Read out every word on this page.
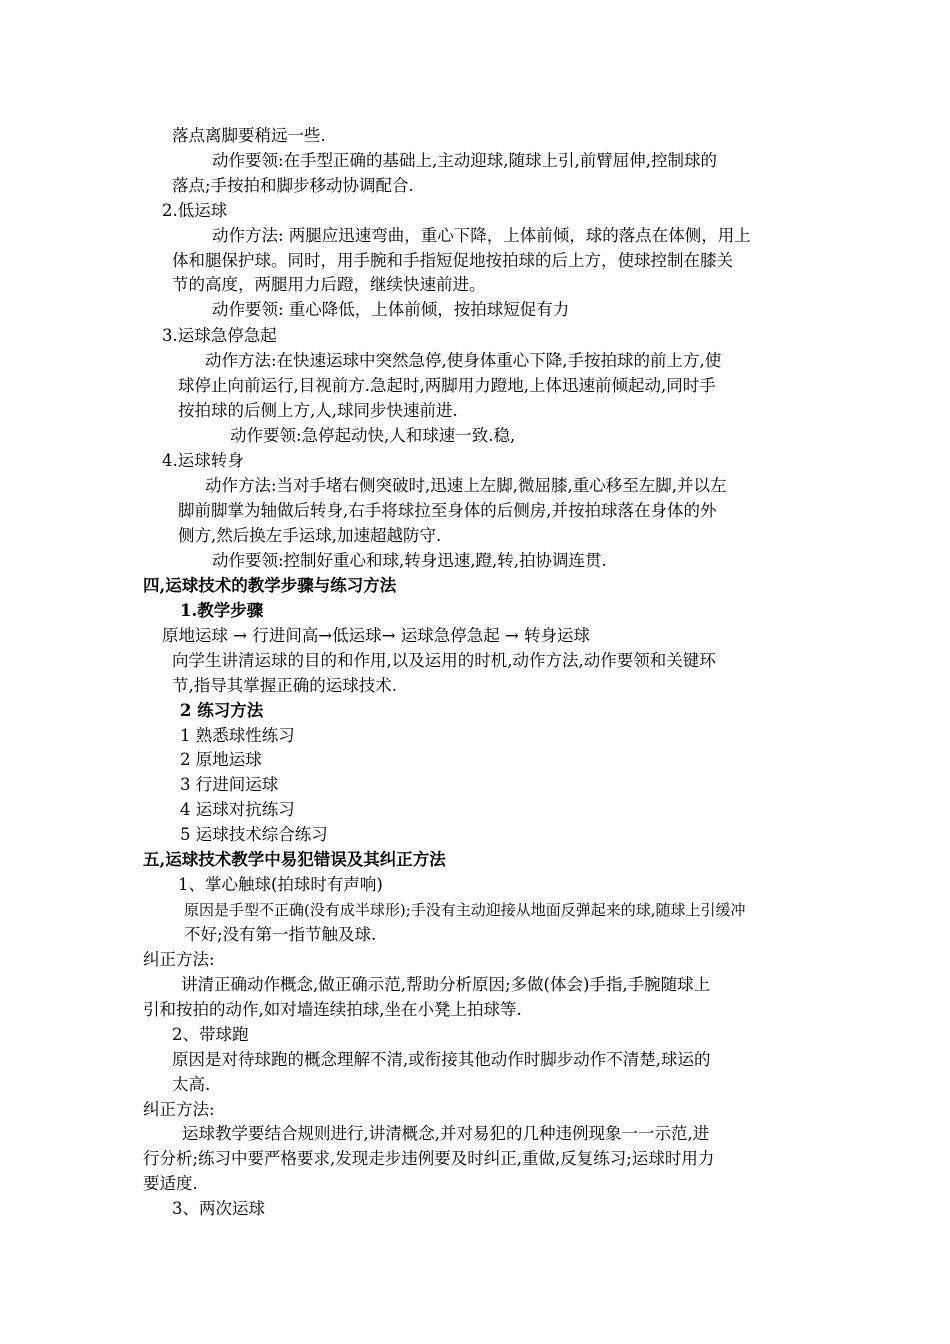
落点离脚要稍远一些.
动作要领:在手型正确的基础上,主动迎球,随球上引,前臂屈伸,控制球的
落点;手按拍和脚步移动协调配合.
2.低运球
动作方法: 两腿应迅速弯曲，重心下降，上体前倾，球的落点在体侧，用上
体和腿保护球。同时，用手腕和手指短促地按拍球的后上方，使球控制在膝关
节的高度，两腿用力后蹬，继续快速前进。
动作要领: 重心降低，上体前倾，按拍球短促有力
3.运球急停急起
动作方法:在快速运球中突然急停,使身体重心下降,手按拍球的前上方,使
球停止向前运行,目视前方.急起时,两脚用力蹬地,上体迅速前倾起动,同时手
按拍球的后侧上方,人,球同步快速前进.
动作要领:急停起动快,人和球速一致.稳,
4.运球转身
动作方法:当对手堵右侧突破时,迅速上左脚,微屈膝,重心移至左脚,并以左
脚前脚掌为轴做后转身,右手将球拉至身体的后侧房,并按拍球落在身体的外
侧方,然后换左手运球,加速超越防守.
动作要领:控制好重心和球,转身迅速,蹬,转,拍协调连贯.
四,运球技术的教学步骤与练习方法
1.教学步骤
原地运球 → 行进间高→低运球→ 运球急停急起 → 转身运球
向学生讲清运球的目的和作用,以及运用的时机,动作方法,动作要领和关键环
节,指导其掌握正确的运球技术.
2 练习方法
1 熟悉球性练习
2 原地运球
3 行进间运球
4 运球对抗练习
5 运球技术综合练习
五,运球技术教学中易犯错误及其纠正方法
1、掌心触球(拍球时有声响)
原因是手型不正确(没有成半球形);手没有主动迎接从地面反弹起来的球,随球上引缓冲
不好;没有第一指节触及球.
纠正方法:
讲清正确动作概念,做正确示范,帮助分析原因;多做(体会)手指,手腕随球上
引和按拍的动作,如对墙连续拍球,坐在小凳上拍球等.
2、带球跑
原因是对待球跑的概念理解不清,或衔接其他动作时脚步动作不清楚,球运的
太高.
纠正方法:
运球教学要结合规则进行,讲清概念,并对易犯的几种违例现象一一示范,进
行分析;练习中要严格要求,发现走步违例要及时纠正,重做,反复练习;运球时用力
要适度.
3、两次运球
